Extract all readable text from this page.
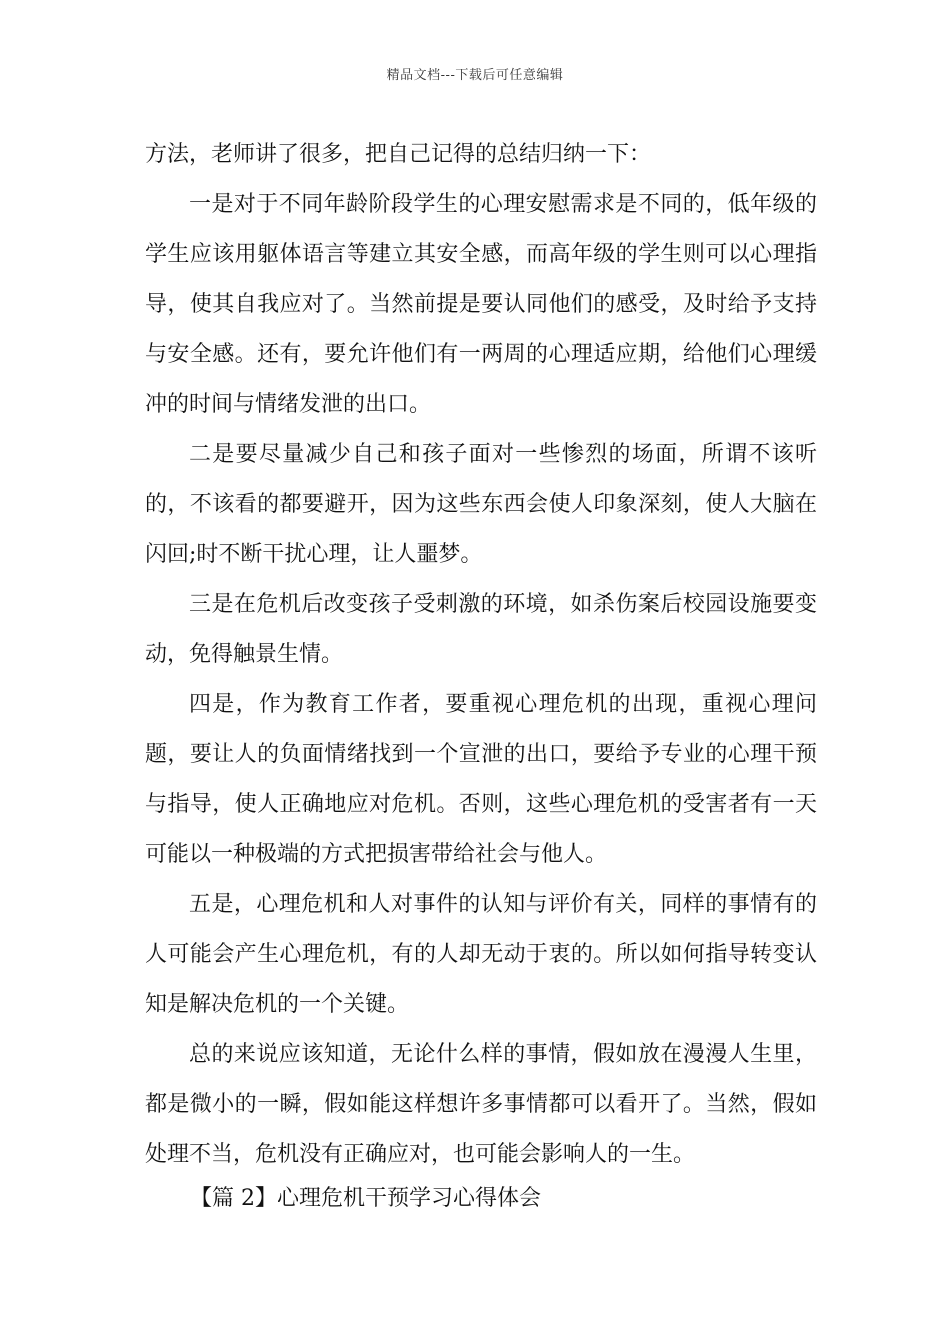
精品文档---下载后可任意编辑

方法，老师讲了很多，把自己记得的总结归纳一下：

一是对于不同年龄阶段学生的心理安慰需求是不同的，低年级的学生应该用躯体语言等建立其安全感，而高年级的学生则可以心理指导，使其自我应对了。当然前提是要认同他们的感受，及时给予支持与安全感。还有，要允许他们有一两周的心理适应期，给他们心理缓冲的时间与情绪发泄的出口。

二是要尽量减少自己和孩子面对一些惨烈的场面，所谓不该听的，不该看的都要避开，因为这些东西会使人印象深刻，使人大脑在闪回;时不断干扰心理，让人噩梦。

三是在危机后改变孩子受刺激的环境，如杀伤案后校园设施要变动，免得触景生情。

四是，作为教育工作者，要重视心理危机的出现，重视心理问题，要让人的负面情绪找到一个宣泄的出口，要给予专业的心理干预与指导，使人正确地应对危机。否则，这些心理危机的受害者有一天可能以一种极端的方式把损害带给社会与他人。

五是，心理危机和人对事件的认知与评价有关，同样的事情有的人可能会产生心理危机，有的人却无动于衷的。所以如何指导转变认知是解决危机的一个关键。

总的来说应该知道，无论什么样的事情，假如放在漫漫人生里，都是微小的一瞬，假如能这样想许多事情都可以看开了。当然，假如处理不当，危机没有正确应对，也可能会影响人的一生。

【篇 2】心理危机干预学习心得体会
